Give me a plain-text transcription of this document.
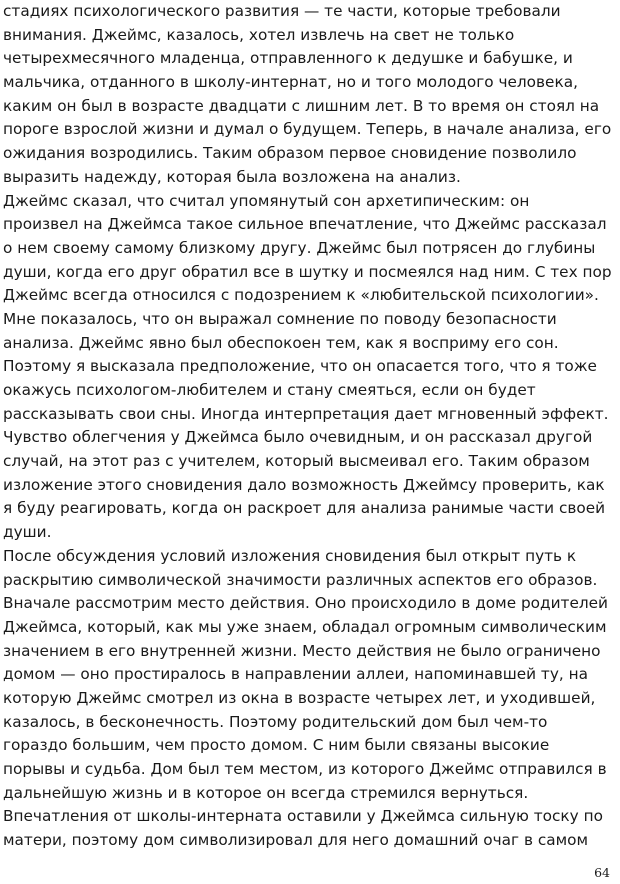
стадиях психологического развития — те части, которые требовали
внимания. Джеймс, казалось, хотел извлечь на свет не только
четырехмесячного младенца, отправленного к дедушке и бабушке, и
мальчика, отданного в школу-интернат, но и того молодого человека,
каким он был в возрасте двадцати с лишним лет. В то время он стоял на
пороге взрослой жизни и думал о будущем. Теперь, в начале анализа, его
ожидания возродились. Таким образом первое сновидение позволило
выразить надежду, которая была возложена на анализ.
Джеймс сказал, что считал упомянутый сон архетипическим: он
произвел на Джеймса такое сильное впечатление, что Джеймс рассказал
о нем своему самому близкому другу. Джеймс был потрясен до глубины
души, когда его друг обратил все в шутку и посмеялся над ним. С тех пор
Джеймс всегда относился с подозрением к «любительской психологии».
Мне показалось, что он выражал сомнение по поводу безопасности
анализа. Джеймс явно был обеспокоен тем, как я восприму его сон.
Поэтому я высказала предположение, что он опасается того, что я тоже
окажусь психологом-любителем и стану смеяться, если он будет
рассказывать свои сны. Иногда интерпретация дает мгновенный эффект.
Чувство облегчения у Джеймса было очевидным, и он рассказал другой
случай, на этот раз с учителем, который высмеивал его. Таким образом
изложение этого сновидения дало возможность Джеймсу проверить, как
я буду реагировать, когда он раскроет для анализа ранимые части своей
души.
После обсуждения условий изложения сновидения был открыт путь к
раскрытию символической значимости различных аспектов его образов.
Вначале рассмотрим место действия. Оно происходило в доме родителей
Джеймса, который, как мы уже знаем, обладал огромным символическим
значением в его внутренней жизни. Место действия не было ограничено
домом — оно простиралось в направлении аллеи, напоминавшей ту, на
которую Джеймс смотрел из окна в возрасте четырех лет, и уходившей,
казалось, в бесконечность. Поэтому родительский дом был чем-то
гораздо большим, чем просто домом. С ним были связаны высокие
порывы и судьба. Дом был тем местом, из которого Джеймс отправился в
дальнейшую жизнь и в которое он всегда стремился вернуться.
Впечатления от школы-интерната оставили у Джеймса сильную тоску по
матери, поэтому дом символизировал для него домашний очаг в самом
64
